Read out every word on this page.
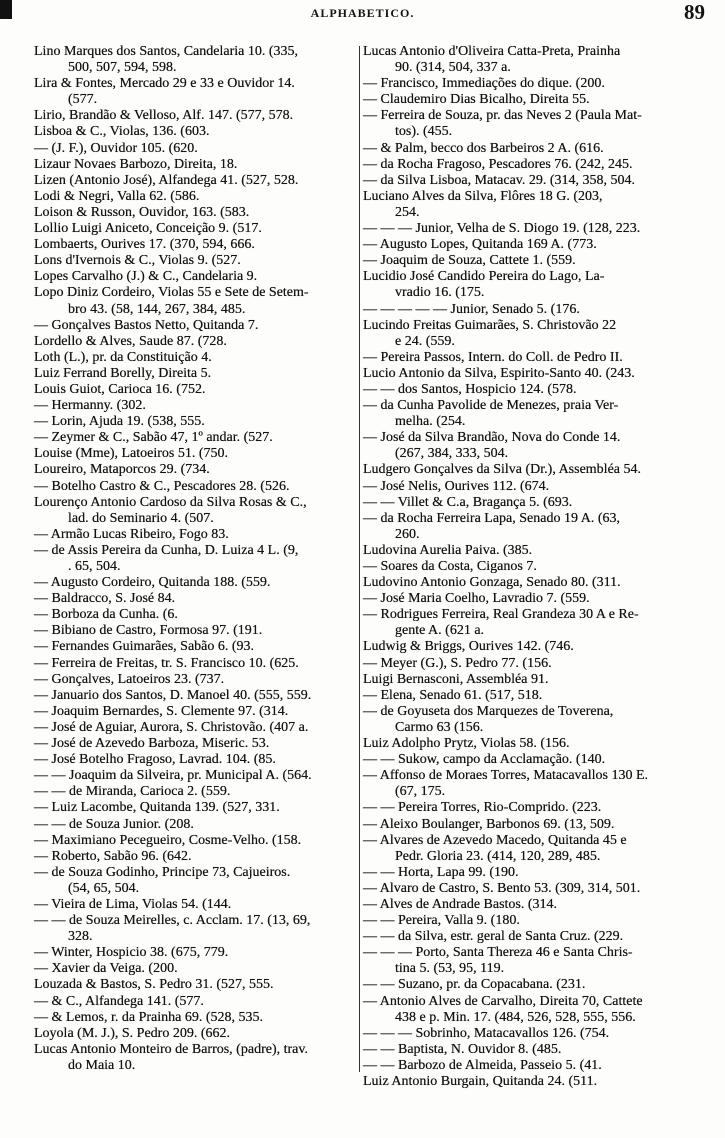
ALPHABETICO.	89
Lino Marques dos Santos, Candelaria 10. (335,
500, 507, 594, 598.
Lira & Fontes, Mercado 29 e 33 e Ouvidor 14.
(577.
Lirio, Brandão & Velloso, Alf. 147. (577, 578.
Lisboa & C., Violas, 136. (603.
— (J. F.), Ouvidor 105. (620.
Lizaur Novaes Barbozo, Direita, 18.
Lizen (Antonio José), Alfandega 41. (527, 528.
Lodi & Negri, Valla 62. (586.
Loison & Russon, Ouvidor, 163. (583.
Lollio Luigi Aniceto, Conceição 9. (517.
Lombaerts, Ourives 17. (370, 594, 666.
Lons d'Ivernois & C., Violas 9. (527.
Lopes Carvalho (J.) & C., Candelaria 9.
Lopo Diniz Cordeiro, Violas 55 e Sete de Setem-
bro 43. (58, 144, 267, 384, 485.
— Gonçalves Bastos Netto, Quitanda 7.
Lordello & Alves, Saude 87. (728.
Loth (L.), pr. da Constituição 4.
Luiz Ferrand Borelly, Direita 5.
Louis Guiot, Carioca 16. (752.
— Hermanny. (302.
— Lorin, Ajuda 19. (538, 555.
— Zeymer & C., Sabão 47, 1º andar. (527.
Louise (Mme), Latoeiros 51. (750.
Loureiro, Mataporcos 29. (734.
— Botelho Castro & C., Pescadores 28. (526.
Lourenço Antonio Cardoso da Silva Rosas & C.,
lad. do Seminario 4. (507.
— Armão Lucas Ribeiro, Fogo 83.
— de Assis Pereira da Cunha, D. Luiza 4 L. (9,
. 65, 504.
— Augusto Cordeiro, Quitanda 188. (559.
— Baldracco, S. José 84.
— Borboza da Cunha. (6.
— Bibiano de Castro, Formosa 97. (191.
— Fernandes Guimarães, Sabão 6. (93.
— Ferreira de Freitas, tr. S. Francisco 10. (625.
— Gonçalves, Latoeiros 23. (737.
— Januario dos Santos, D. Manoel 40. (555, 559.
— Joaquim Bernardes, S. Clemente 97. (314.
— José de Aguiar, Aurora, S. Christovão. (407 a.
— José de Azevedo Barboza, Miseric. 53.
— José Botelho Fragoso, Lavrad. 104. (85.
— — Joaquim da Silveira, pr. Municipal A. (564.
— — de Miranda, Carioca 2. (559.
— Luiz Lacombe, Quitanda 139. (527, 331.
— — de Souza Junior. (208.
— Maximiano Pecegueiro, Cosme-Velho. (158.
— Roberto, Sabão 96. (642.
— de Souza Godinho, Principe 73, Cajueiros.
(54, 65, 504.
— Vieira de Lima, Violas 54. (144.
— — de Souza Meirelles, c. Acclam. 17. (13, 69,
328.
— Winter, Hospicio 38. (675, 779.
— Xavier da Veiga. (200.
Louzada & Bastos, S. Pedro 31. (527, 555.
— & C., Alfandega 141. (577.
— & Lemos, r. da Prainha 69. (528, 535.
Loyola (M. J.), S. Pedro 209. (662.
Lucas Antonio Monteiro de Barros, (padre), trav.
do Maia 10.
Lucas Antonio d'Oliveira Catta-Preta, Prainha
90. (314, 504, 337 a.
— Francisco, Immediações do dique. (200.
— Claudemiro Dias Bicalho, Direita 55.
— Ferreira de Souza, pr. das Neves 2 (Paula Mat-
tos). (455.
— & Palm, becco dos Barbeiros 2 A. (616.
— da Rocha Fragoso, Pescadores 76. (242, 245.
— da Silva Lisboa, Matacav. 29. (314, 358, 504.
Luciano Alves da Silva, Flôres 18 G. (203,
254.
— — — Junior, Velha de S. Diogo 19. (128, 223.
— Augusto Lopes, Quitanda 169 A. (773.
— Joaquim de Souza, Cattete 1. (559.
Lucidio José Candido Pereira do Lago, La-
vradio 16. (175.
— — — — — Junior, Senado 5. (176.
Lucindo Freitas Guimarães, S. Christovão 22
e 24. (559.
— Pereira Passos, Intern. do Coll. de Pedro II.
Lucio Antonio da Silva, Espirito-Santo 40. (243.
— — dos Santos, Hospicio 124. (578.
— da Cunha Pavolide de Menezes, praia Ver-
melha. (254.
— José da Silva Brandão, Nova do Conde 14.
(267, 384, 333, 504.
Ludgero Gonçalves da Silva (Dr.), Assembléa 54.
— José Nelis, Ourives 112. (674.
— — Villet & C.a, Bragança 5. (693.
— da Rocha Ferreira Lapa, Senado 19 A. (63,
260.
Ludovina Aurelia Paiva. (385.
— Soares da Costa, Ciganos 7.
Ludovino Antonio Gonzaga, Senado 80. (311.
— José Maria Coelho, Lavradio 7. (559.
— Rodrigues Ferreira, Real Grandeza 30 A e Re-
gente A. (621 a.
Ludwig & Briggs, Ourives 142. (746.
— Meyer (G.), S. Pedro 77. (156.
Luigi Bernasconi, Assembléa 91.
— Elena, Senado 61. (517, 518.
— de Goyuseta dos Marquezes de Toverena,
Carmo 63 (156.
Luiz Adolpho Prytz, Violas 58. (156.
— — Sukow, campo da Acclamação. (140.
— Affonso de Moraes Torres, Matacavallos 130 E.
(67, 175.
— — Pereira Torres, Rio-Comprido. (223.
— Aleixo Boulanger, Barbonos 69. (13, 509.
— Alvares de Azevedo Macedo, Quitanda 45 e
Pedr. Gloria 23. (414, 120, 289, 485.
— — Horta, Lapa 99. (190.
— Alvaro de Castro, S. Bento 53. (309, 314, 501.
— Alves de Andrade Bastos. (314.
— — Pereira, Valla 9. (180.
— — da Silva, estr. geral de Santa Cruz. (229.
— — — Porto, Santa Thereza 46 e Santa Chris-
tina 5. (53, 95, 119.
— — Suzano, pr. da Copacabana. (231.
— Antonio Alves de Carvalho, Direita 70, Cattete
438 e p. Min. 17. (484, 526, 528, 555, 556.
— — — Sobrinho, Matacavallos 126. (754.
— — Baptista, N. Ouvidor 8. (485.
— — Barbozo de Almeida, Passeio 5. (41.
Luiz Antonio Burgain, Quitanda 24. (511.
